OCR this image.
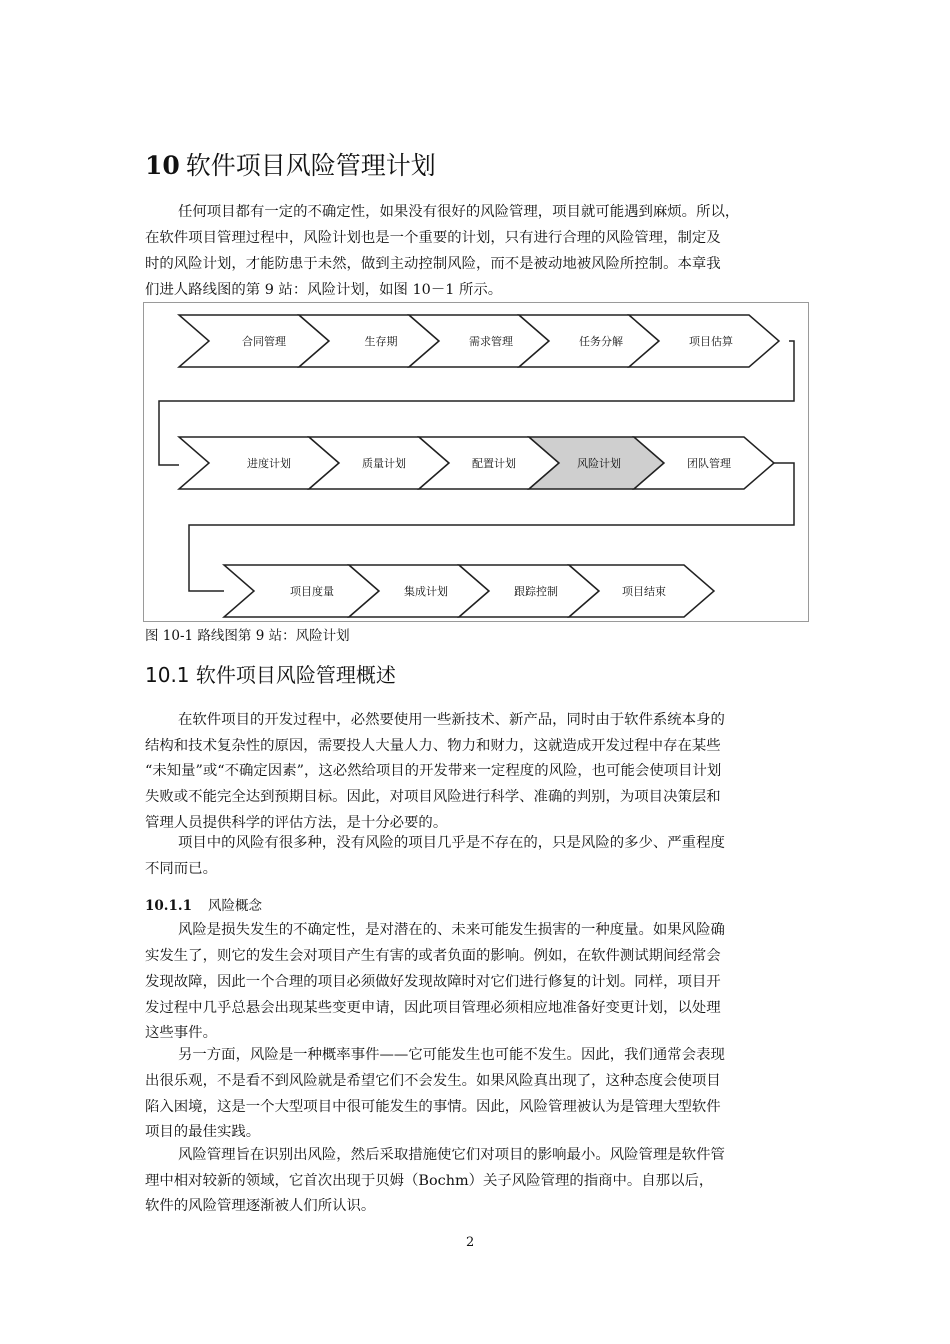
10 软件项目风险管理计划
任何项目都有一定的不确定性，如果没有很好的风险管理，项目就可能遇到麻烦。所以，
在软件项目管理过程中，风险计划也是一个重要的计划，只有进行合理的风险管理，制定及
时的风险计划，才能防患于未然，做到主动控制风险，而不是被动地被风险所控制。本章我
们进人路线图的第 9 站：风险计划，如图 10－1 所示。
合同管理	生存期	需求管理	任务分解	项目估算
进度计划	质量计划	配置计划	风险计划	团队管理
项目度量	集成计划	跟踪控制	项目结束
图 10-1 路线图第 9 站：风险计划
10.1 软件项目风险管理概述
在软件项目的开发过程中，必然要使用一些新技术、新产品，同时由于软件系统本身的
结构和技术复杂性的原因，需要投人大量人力、物力和财力，这就造成开发过程中存在某些
“未知量”或“不确定因素”，这必然给项目的开发带来一定程度的风险，也可能会使项目计划
失败或不能完全达到预期目标。因此，对项目风险进行科学、准确的判别，为项目决策层和
管理人员提供科学的评估方法，是十分必要的。
项目中的风险有很多种，没有风险的项目几乎是不存在的，只是风险的多少、严重程度
不同而已。
10.1.1 风险概念
风险是损失发生的不确定性，是对潜在的、未来可能发生损害的一种度量。如果风险确
实发生了，则它的发生会对项目产生有害的或者负面的影响。例如，在软件测试期间经常会
发现故障，因此一个合理的项目必须做好发现故障时对它们进行修复的计划。同样，项目开
发过程中几乎总悬会出现某些变更申请，因此项目管理必须相应地准备好变更计划，以处理
这些事件。
另一方面，风险是一种概率事件——它可能发生也可能不发生。因此，我们通常会表现
出很乐观，不是看不到风险就是希望它们不会发生。如果风险真出现了，这种态度会使项目
陷入困境，这是一个大型项目中很可能发生的事情。因此，风险管理被认为是管理大型软件
项目的最佳实践。
风险管理旨在识别出风险，然后采取措施使它们对项目的影响最小。风险管理是软件管
理中相对较新的领域，它首次出现于贝姆（Bochm）关子风险管理的指商中。自那以后，
软件的风险管理逐渐被人们所认识。
2
